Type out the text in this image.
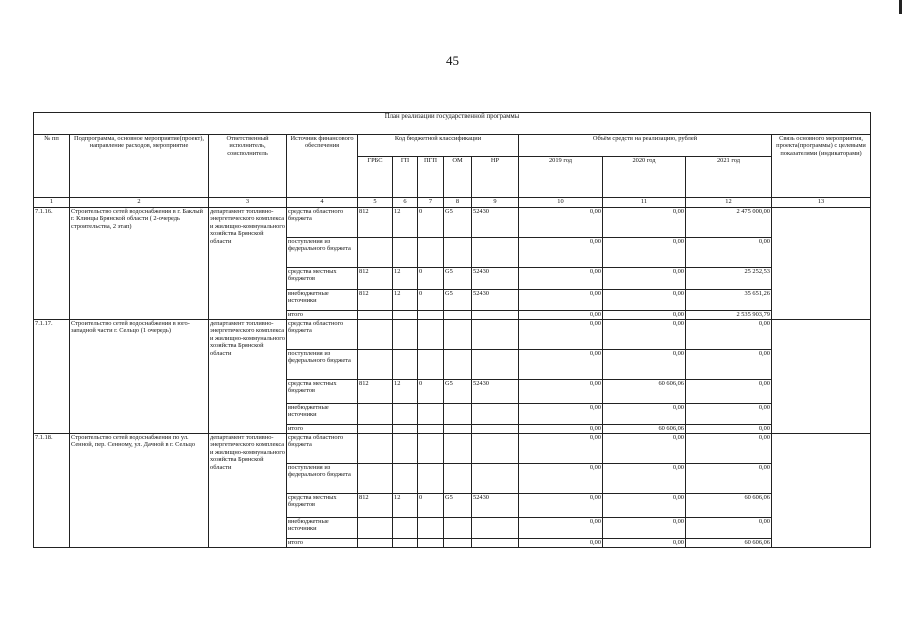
45
План реализации государственной программы												
№ пп	Подпрограмма, основное мероприятие(проект), направление расходов, мероприятие	Ответственный исполнитель, соисполнитель	Источник финансового обеспечения	Код бюджетной классификации					Объём средств на реализацию, рублей			Связь основного мероприятия, проекта(программы) с целевыми показателями (индикаторами)
				ГРБС	ГП	ПГП	ОМ	НР	2019 год	2020 год	2021 год	
1	2	3	4	5	6	7	8	9	10	11	12	13
7.1.16.	Строительство сетей водоснабжения в г. Баклый г. Клинцы Брянской области ( 2-очередь строительства, 2 этап)	департамент топливно-энергетического комплекса и жилищно-коммунального хозяйства Брянской области	средства областного бюджета	812	12	0	G5	52430	0,00	0,00	2 475 000,00	
			поступления из федерального бюджета						0,00	0,00	0,00	
			средства местных бюджетов	812	12	0	G5	52430	0,00	0,00	25 252,53	
			внебюджетные источники	812	12	0	G5	52430	0,00	0,00	35 651,26	
			итого						0,00	0,00	2 535 903,79	
7.1.17.	Строительство сетей водоснабжения в юго-западной части г. Сельцо (1 очередь)	департамент топливно-энергетического комплекса и жилищно-коммунального хозяйства Брянской области	средства областного бюджета						0,00	0,00	0,00	
			поступления из федерального бюджета						0,00	0,00	0,00	
			средства местных бюджетов	812	12	0	G5	52430	0,00	60 606,06	0,00	
			внебюджетные источники						0,00	0,00	0,00	
			итого						0,00	60 606,06	0,00	
7.1.18.	Строительство сетей водоснабжения по ул. Сенной, пер. Сенному, ул. Дачной в г. Сельцо	департамент топливно-энергетического комплекса и жилищно-коммунального хозяйства Брянской области	средства областного бюджета						0,00	0,00	0,00	
			поступления из федерального бюджета						0,00	0,00	0,00	
			средства местных бюджетов	812	12	0	G5	52430	0,00	0,00	60 606,06	
			внебюджетные источники						0,00	0,00	0,00	
			итого						0,00	0,00	60 606,06	
